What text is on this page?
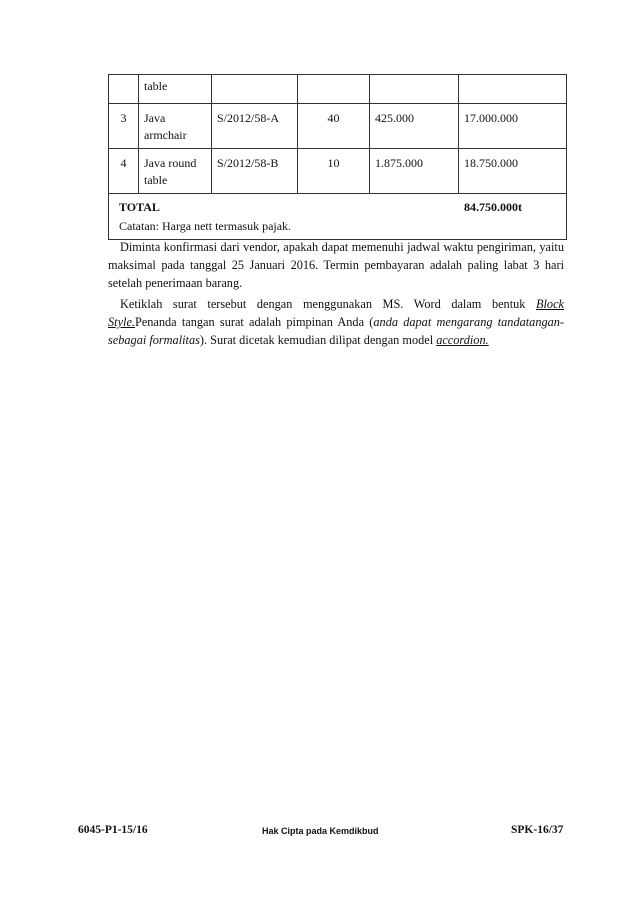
	table				
3	Java armchair	S/2012/58-A	40	425.000	17.000.000
4	Java round table	S/2012/58-B	10	1.875.000	18.750.000

TOTAL 84.750.000t
Catatan: Harga nett termasuk pajak.					

Diminta konfirmasi dari vendor, apakah dapat memenuhi jadwal waktu pengiriman, yaitu maksimal pada tanggal 25 Januari 2016. Termin pembayaran adalah paling labat 3 hari setelah penerimaan barang.

Ketiklah surat tersebut dengan menggunakan MS. Word dalam bentuk Block Style.Penanda tangan surat adalah pimpinan Anda (anda dapat mengarang tandatangan-sebagai formalitas). Surat dicetak kemudian dilipat dengan model accordion.

6045-P1-15/16	Hak Cipta pada Kemdikbud	SPK-16/37
